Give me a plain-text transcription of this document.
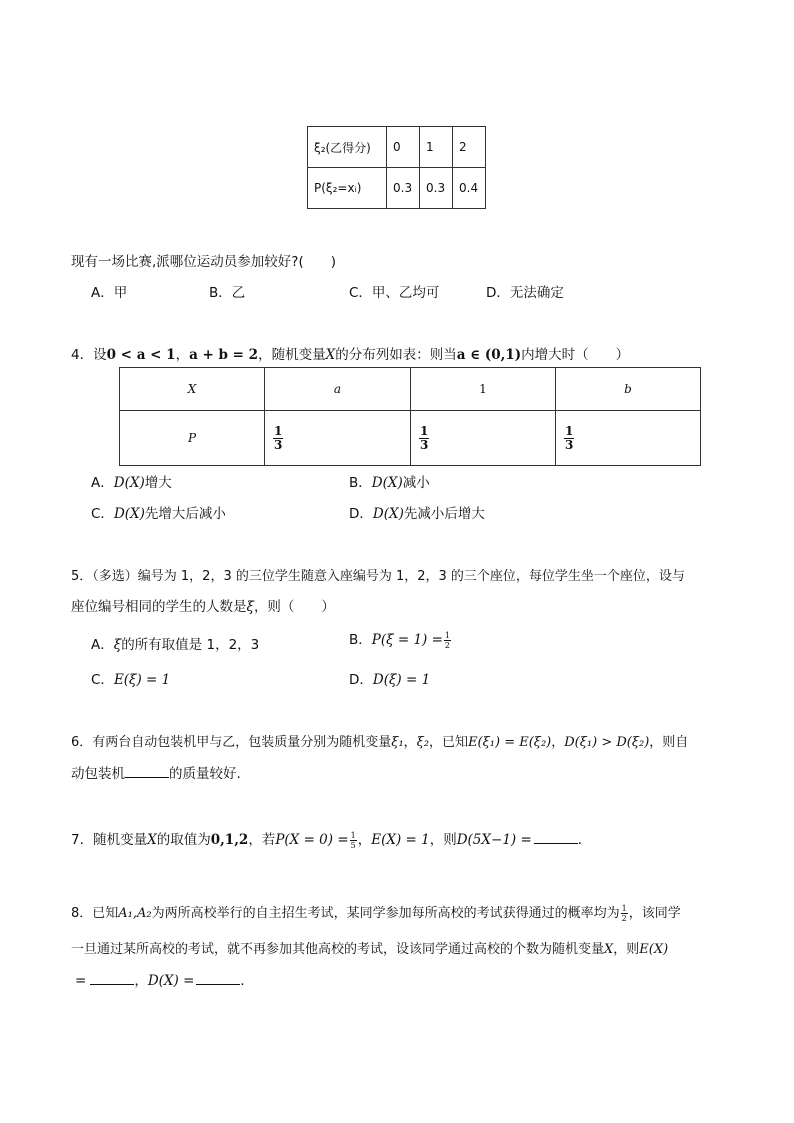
ξ₂(乙得分)	0	1	2
P(ξ₂=xᵢ)	0.3	0.3	0.4
现有一场比赛,派哪位运动员参加较好?(　　)
A．甲	B．乙	C．甲、乙均可	D．无法确定
4．设0 < a < 1，a + b = 2，随机变量X的分布列如表：则当a ∈ (0,1)内增大时（　　）
X	a	1	b
P	$\frac{1}{3}$	$\frac{1}{3}$	$\frac{1}{3}$
A．D(X)增大	B．D(X)减小
C．D(X)先增大后减小	D．D(X)先减小后增大
5．（多选）编号为 1，2，3 的三位学生随意入座编号为 1，2，3 的三个座位，每位学生坐一个座位，设与
座位编号相同的学生的人数是ξ，则（　　）
A．ξ的所有取值是 1，2，3	B．$P(\xi = 1) = \frac{1}{2}$
C．E(ξ) = 1	D．D(ξ) = 1
6．有两台自动包装机甲与乙，包装质量分别为随机变量ξ₁，ξ₂，已知E(ξ₁) = E(ξ₂)，D(ξ₁) > D(ξ₂)，则自
动包装机	的质量较好.
7．随机变量X的取值为0,1,2，若$P(X = 0) = \frac{1}{5}$ ，E(X) = 1，则D(5X−1) =	．
8．已知A₁,A₂为两所高校举行的自主招生考试，某同学参加每所高校的考试获得通过的概率均为 $\frac{1}{2}$ ，该同学
一旦通过某所高校的考试，就不再参加其他高校的考试，设该同学通过高校的个数为随机变量X，则E(X)
=	，D(X) =	．
